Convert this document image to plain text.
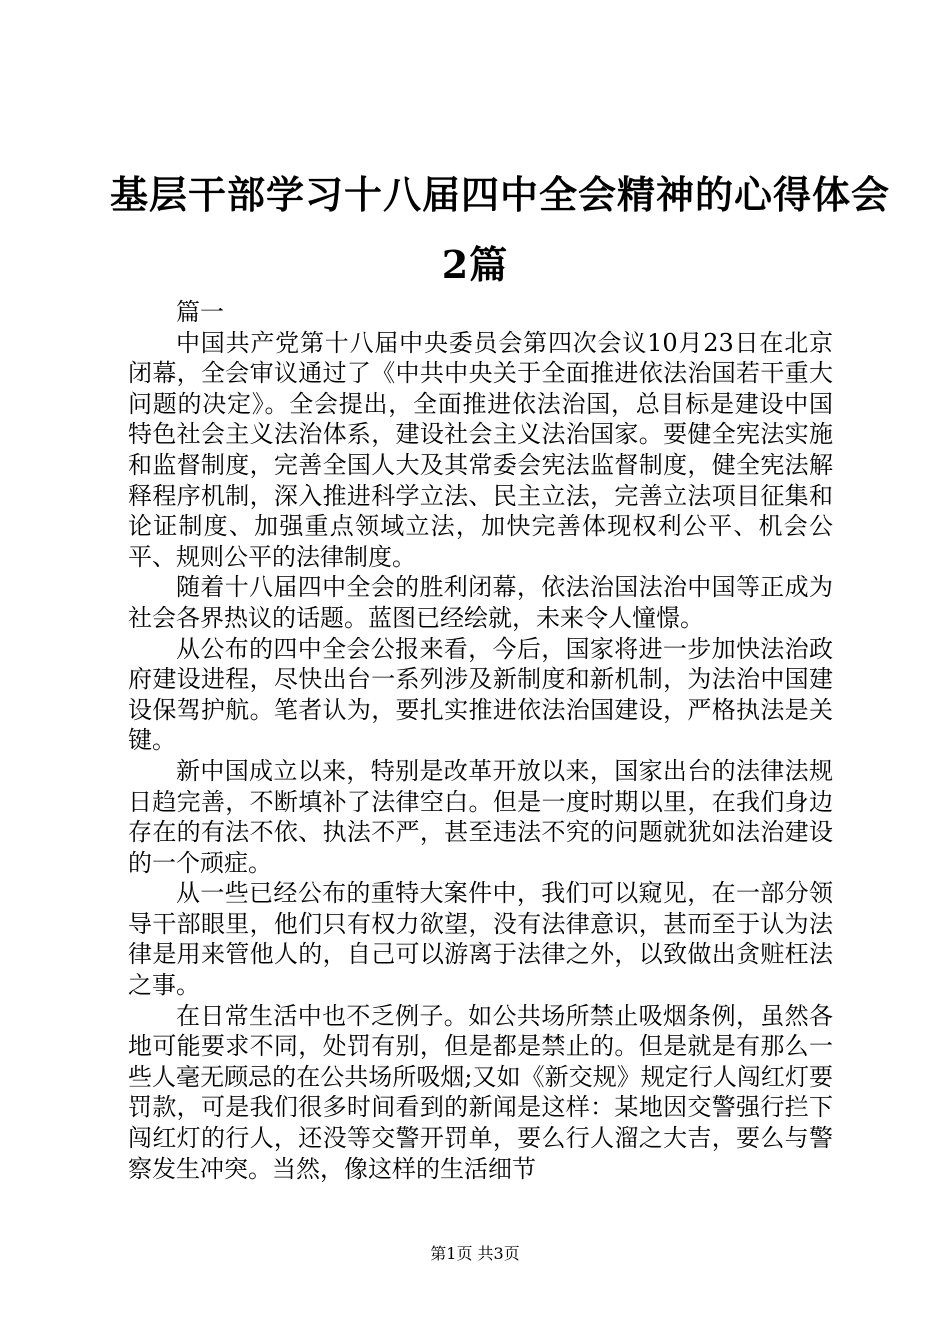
基层干部学习十八届四中全会精神的心得体会
2篇

篇一

中国共产党第十八届中央委员会第四次会议10月23日在北京闭幕，全会审议通过了《中共中央关于全面推进依法治国若干重大问题的决定》。全会提出，全面推进依法治国，总目标是建设中国特色社会主义法治体系，建设社会主义法治国家。要健全宪法实施和监督制度，完善全国人大及其常委会宪法监督制度，健全宪法解释程序机制，深入推进科学立法、民主立法，完善立法项目征集和论证制度、加强重点领域立法，加快完善体现权利公平、机会公平、规则公平的法律制度。

随着十八届四中全会的胜利闭幕，依法治国法治中国等正成为社会各界热议的话题。蓝图已经绘就，未来令人憧憬。

从公布的四中全会公报来看，今后，国家将进一步加快法治政府建设进程，尽快出台一系列涉及新制度和新机制，为法治中国建设保驾护航。笔者认为，要扎实推进依法治国建设，严格执法是关键。

新中国成立以来，特别是改革开放以来，国家出台的法律法规日趋完善，不断填补了法律空白。但是一度时期以里，在我们身边存在的有法不依、执法不严，甚至违法不究的问题就犹如法治建设的一个顽症。

从一些已经公布的重特大案件中，我们可以窥见，在一部分领导干部眼里，他们只有权力欲望，没有法律意识，甚而至于认为法律是用来管他人的，自己可以游离于法律之外，以致做出贪赃枉法之事。

在日常生活中也不乏例子。如公共场所禁止吸烟条例，虽然各地可能要求不同，处罚有别，但是都是禁止的。但是就是有那么一些人毫无顾忌的在公共场所吸烟;又如《新交规》规定行人闯红灯要罚款，可是我们很多时间看到的新闻是这样：某地因交警强行拦下闯红灯的行人，还没等交警开罚单，要么行人溜之大吉，要么与警察发生冲突。当然，像这样的生活细节

第1页 共3页
